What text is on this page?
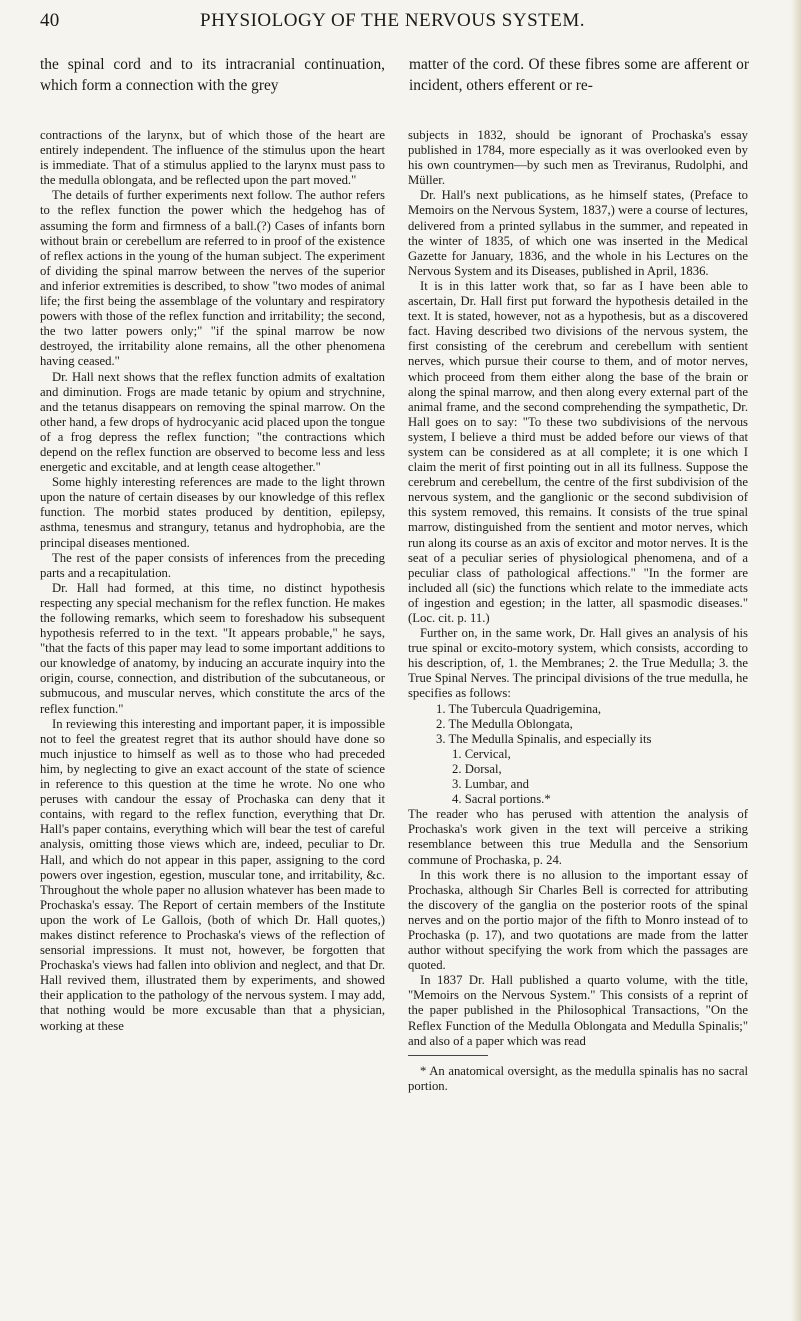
40	PHYSIOLOGY OF THE NERVOUS SYSTEM.
the spinal cord and to its intracranial continuation, which form a connection with the grey
matter of the cord. Of these fibres some are afferent or incident, others efferent or re-

contractions of the larynx, but of which those of the heart are entirely independent. The influence of the stimulus upon the heart is immediate. That of a stimulus applied to the larynx must pass to the medulla oblongata, and be reflected upon the part moved."

The details of further experiments next follow. The author refers to the reflex function the power which the hedgehog has of assuming the form and firmness of a ball.(?) Cases of infants born without brain or cerebellum are referred to in proof of the existence of reflex actions in the young of the human subject. The experiment of dividing the spinal marrow between the nerves of the superior and inferior extremities is described, to show "two modes of animal life; the first being the assemblage of the voluntary and respiratory powers with those of the reflex function and irritability; the second, the two latter powers only;" "if the spinal marrow be now destroyed, the irritability alone remains, all the other phenomena having ceased."

Dr. Hall next shows that the reflex function admits of exaltation and diminution. Frogs are made tetanic by opium and strychnine, and the tetanus disappears on removing the spinal marrow. On the other hand, a few drops of hydrocyanic acid placed upon the tongue of a frog depress the reflex function; "the contractions which depend on the reflex function are observed to become less and less energetic and excitable, and at length cease altogether."

Some highly interesting references are made to the light thrown upon the nature of certain diseases by our knowledge of this reflex function. The morbid states produced by dentition, epilepsy, asthma, tenesmus and strangury, tetanus and hydrophobia, are the principal diseases mentioned.

The rest of the paper consists of inferences from the preceding parts and a recapitulation.

Dr. Hall had formed, at this time, no distinct hypothesis respecting any special mechanism for the reflex function. He makes the following remarks, which seem to foreshadow his subsequent hypothesis referred to in the text. "It appears probable," he says, "that the facts of this paper may lead to some important additions to our knowledge of anatomy, by inducing an accurate inquiry into the origin, course, connection, and distribution of the subcutaneous, or submucous, and muscular nerves, which constitute the arcs of the reflex function."

In reviewing this interesting and important paper, it is impossible not to feel the greatest regret that its author should have done so much injustice to himself as well as to those who had preceded him, by neglecting to give an exact account of the state of science in reference to this question at the time he wrote. No one who peruses with candour the essay of Prochaska can deny that it contains, with regard to the reflex function, everything that Dr. Hall's paper contains, everything which will bear the test of careful analysis, omitting those views which are, indeed, peculiar to Dr. Hall, and which do not appear in this paper, assigning to the cord powers over ingestion, egestion, muscular tone, and irritability, &c. Throughout the whole paper no allusion whatever has been made to Prochaska's essay. The Report of certain members of the Institute upon the work of Le Gallois, (both of which Dr. Hall quotes,) makes distinct reference to Prochaska's views of the reflection of sensorial impressions. It must not, however, be forgotten that Prochaska's views had fallen into oblivion and neglect, and that Dr. Hall revived them, illustrated them by experiments, and showed their application to the pathology of the nervous system. I may add, that nothing would be more excusable than that a physician, working at these

subjects in 1832, should be ignorant of Prochaska's essay published in 1784, more especially as it was overlooked even by his own countrymen—by such men as Treviranus, Rudolphi, and Müller.

Dr. Hall's next publications, as he himself states, (Preface to Memoirs on the Nervous System, 1837,) were a course of lectures, delivered from a printed syllabus in the summer, and repeated in the winter of 1835, of which one was inserted in the Medical Gazette for January, 1836, and the whole in his Lectures on the Nervous System and its Diseases, published in April, 1836.

It is in this latter work that, so far as I have been able to ascertain, Dr. Hall first put forward the hypothesis detailed in the text. It is stated, however, not as a hypothesis, but as a discovered fact. Having described two divisions of the nervous system, the first consisting of the cerebrum and cerebellum with sentient nerves, which pursue their course to them, and of motor nerves, which proceed from them either along the base of the brain or along the spinal marrow, and then along every external part of the animal frame, and the second comprehending the sympathetic, Dr. Hall goes on to say: "To these two subdivisions of the nervous system, I believe a third must be added before our views of that system can be considered as at all complete; it is one which I claim the merit of first pointing out in all its fullness. Suppose the cerebrum and cerebellum, the centre of the first subdivision of the nervous system, and the ganglionic or the second subdivision of this system removed, this remains. It consists of the true spinal marrow, distinguished from the sentient and motor nerves, which run along its course as an axis of excitor and motor nerves. It is the seat of a peculiar series of physiological phenomena, and of a peculiar class of pathological affections." "In the former are included all (sic) the functions which relate to the immediate acts of ingestion and egestion; in the latter, all spasmodic diseases." (Loc. cit. p. 11.)

Further on, in the same work, Dr. Hall gives an analysis of his true spinal or excito-motory system, which consists, according to his description, of, 1. the Membranes; 2. the True Medulla; 3. the True Spinal Nerves. The principal divisions of the true medulla, he specifies as follows:

1. The Tubercula Quadrigemina,

2. The Medulla Oblongata,

3. The Medulla Spinalis, and especially its

1. Cervical,

2. Dorsal,

3. Lumbar, and

4. Sacral portions.*

The reader who has perused with attention the analysis of Prochaska's work given in the text will perceive a striking resemblance between this true Medulla and the Sensorium commune of Prochaska, p. 24.

In this work there is no allusion to the important essay of Prochaska, although Sir Charles Bell is corrected for attributing the discovery of the ganglia on the posterior roots of the spinal nerves and on the portio major of the fifth to Monro instead of to Prochaska (p. 17), and two quotations are made from the latter author without specifying the work from which the passages are quoted.

In 1837 Dr. Hall published a quarto volume, with the title, "Memoirs on the Nervous System." This consists of a reprint of the paper published in the Philosophical Transactions, "On the Reflex Function of the Medulla Oblongata and Medulla Spinalis;" and also of a paper which was read

* An anatomical oversight, as the medulla spinalis has no sacral portion.
